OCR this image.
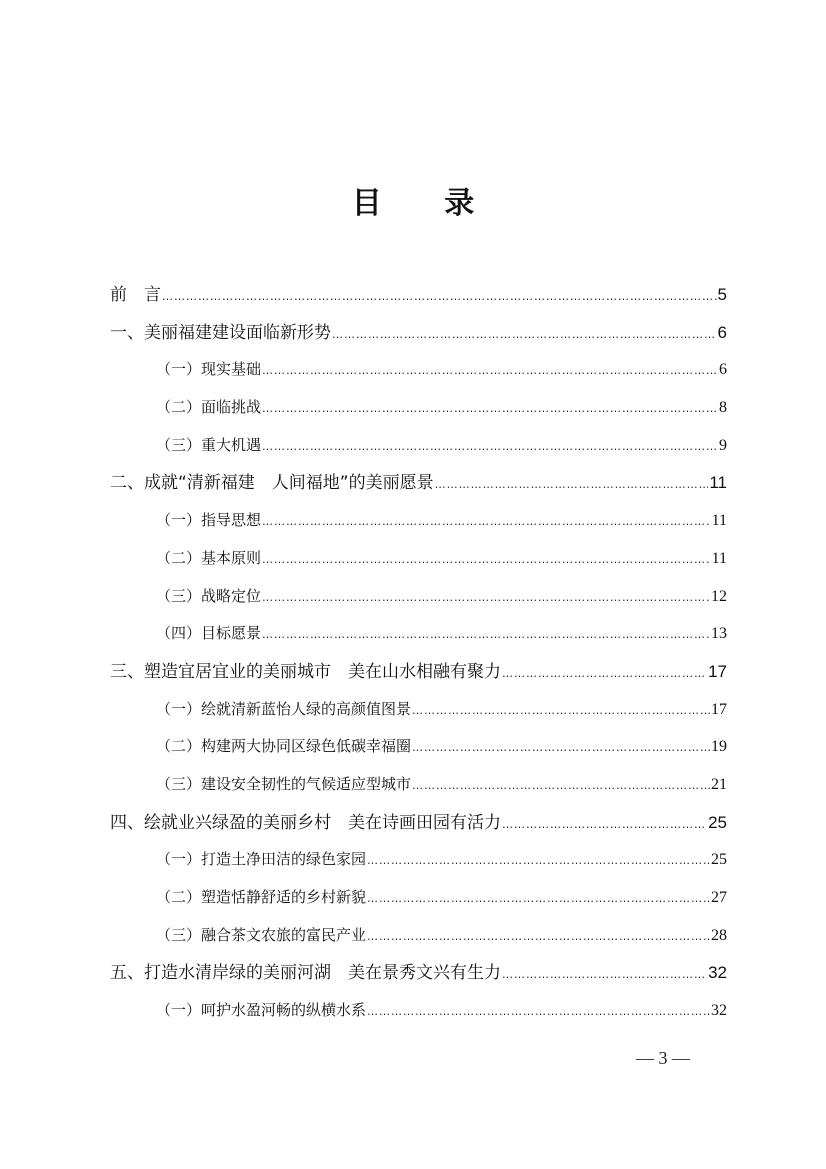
目 录
前　言 …………………………………………………………………………………………………………………………………………………………………………………………………………	5
一、美丽福建建设面临新形势 …………………………………………………………………………………………………………………………………………………………………………………………………………	6
（一）现实基础 …………………………………………………………………………………………………………………………………………………………………………………………………………	6
（二）面临挑战 …………………………………………………………………………………………………………………………………………………………………………………………………………	8
（三）重大机遇 …………………………………………………………………………………………………………………………………………………………………………………………………………	9
二、成就“清新福建　人间福地”的美丽愿景 …………………………………………………………………………………………………………………………………………………………………………………………………………	11
（一）指导思想 …………………………………………………………………………………………………………………………………………………………………………………………………………	11
（二）基本原则 …………………………………………………………………………………………………………………………………………………………………………………………………………	11
（三）战略定位 …………………………………………………………………………………………………………………………………………………………………………………………………………	12
（四）目标愿景 …………………………………………………………………………………………………………………………………………………………………………………………………………	13
三、塑造宜居宜业的美丽城市　美在山水相融有聚力 …………………………………………………………………………………………………………………………………………………………………………………………………………	17
（一）绘就清新蓝怡人绿的高颜值图景 …………………………………………………………………………………………………………………………………………………………………………………………………………	17
（二）构建两大协同区绿色低碳幸福圈 …………………………………………………………………………………………………………………………………………………………………………………………………………	19
（三）建设安全韧性的气候适应型城市 …………………………………………………………………………………………………………………………………………………………………………………………………………	21
四、绘就业兴绿盈的美丽乡村　美在诗画田园有活力 …………………………………………………………………………………………………………………………………………………………………………………………………………	25
（一）打造土净田洁的绿色家园 …………………………………………………………………………………………………………………………………………………………………………………………………………	25
（二）塑造恬静舒适的乡村新貌 …………………………………………………………………………………………………………………………………………………………………………………………………………	27
（三）融合茶文农旅的富民产业 …………………………………………………………………………………………………………………………………………………………………………………………………………	28
五、打造水清岸绿的美丽河湖　美在景秀文兴有生力 …………………………………………………………………………………………………………………………………………………………………………………………………………	32
（一）呵护水盈河畅的纵横水系 …………………………………………………………………………………………………………………………………………………………………………………………………………	32
— 3 —
